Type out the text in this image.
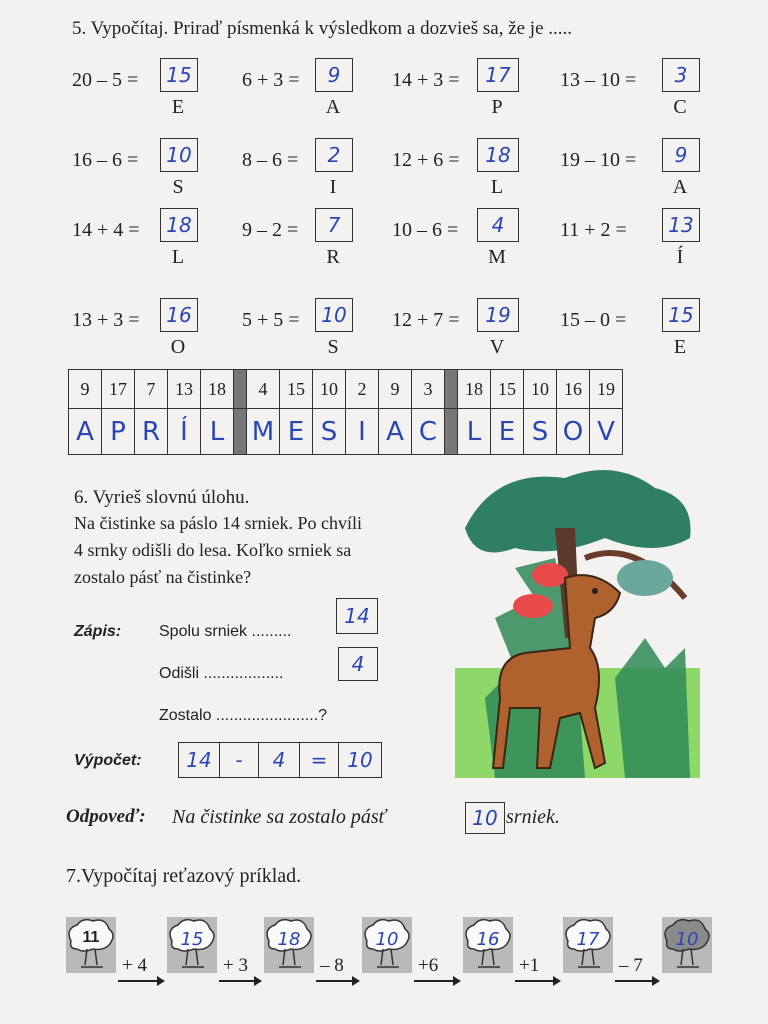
5. Vypočítaj. Priraď písmenká k výsledkom a dozvieš sa, že je .....
20 – 5 =	15
E
6 + 3 =	9
A
14 + 3 =	17
P
13 – 10 =	3
C
16 – 6 =	10
S
8 – 6 =	2
I
12 + 6 =	18
L
19 – 10 =	9
A
14 + 4 =	18
L
9 – 2 =	7
R
10 – 6 =	4
M
11 + 2 =	13
Í
13 + 3 =	16
O
5 + 5 =	10
S
12 + 7 =	19
V
15 – 0 =	15
E
9	17	7	13	18		4	15	10	2	9	3		18	15	10	16	19
A	P	R	Í	L		M	E	S	I	A	C		L	E	S	O	V
6. Vyrieš slovnú úlohu.
Na čistinke sa páslo 14 srniek. Po chvíli
4 srnky odišli do lesa. Koľko srniek sa
zostalo pásť na čistinke?
Zápis: Spolu srniek .........
14
Odišli ..................	4
Zostalo .......................?
Výpočet:	14	-	4	= 10
Odpoveď: Na čistinke sa zostalo pásť	10 srniek.
7.Vypočítaj reťazový príklad.
11	15	18	10	16	17	10
+ 4	+ 3	– 8	+6	+1	– 7
